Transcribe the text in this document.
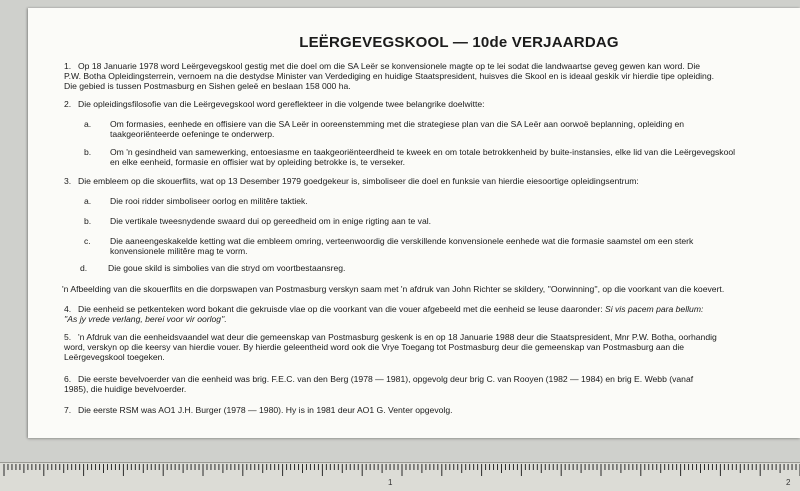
LEËRGEVEGSKOOL — 10de VERJAARDAG
1. Op 18 Januarie 1978 word Leërgevegskool gestig met die doel om die SA Leër se konvensionele magte op te lei sodat die landwaartse geveg gewen kan word. Die
P.W. Botha Opleidingsterrein, vernoem na die destydse Minister van Verdediging en huidige Staatspresident, huisves die Skool en is ideaal geskik vir hierdie tipe opleiding.
Die gebied is tussen Postmasburg en Sishen geleë en beslaan 158 000 ha.
2. Die opleidingsfilosofie van die Leërgevegskool word gereflekteer in die volgende twee belangrike doelwitte:
a. Om formasies, eenhede en offisiere van die SA Leër in ooreenstemming met die strategiese plan van die SA Leër aan oorwoë beplanning, opleiding en
taakgeoriënteerde oefeninge te onderwerp.
b. Om 'n gesindheid van samewerking, entoesiasme en taakgeoriënteerdheid te kweek en om totale betrokkenheid by buite-instansies, elke lid van die Leërgevegskool
en elke eenheid, formasie en offisier wat by opleiding betrokke is, te verseker.
3. Die embleem op die skouerflits, wat op 13 Desember 1979 goedgekeur is, simboliseer die doel en funksie van hierdie eiesoortige opleidingsentrum:
a. Die rooi ridder simboliseer oorlog en militêre taktiek.
b. Die vertikale tweesnydende swaard dui op gereedheid om in enige rigting aan te val.
c. Die aaneengeskakelde ketting wat die embleem omring, verteenwoordig die verskillende konvensionele eenhede wat die formasie saamstel om een sterk
konvensionele militêre mag te vorm.
d. Die goue skild is simbolies van die stryd om voortbestaansreg.
'n Afbeelding van die skouerflits en die dorpswapen van Postmasburg verskyn saam met 'n afdruk van John Richter se skildery, ''Oorwinning'', op die voorkant van die koevert.
4. Die eenheid se petkenteken word bokant die gekruisde vlae op die voorkant van die vouer afgebeeld met die eenheid se leuse daaronder: Si vis pacem para bellum:
''As jy vrede verlang, berei voor vir oorlog''.
5. 'n Afdruk van die eenheidsvaandel wat deur die gemeenskap van Postmasburg geskenk is en op 18 Januarie 1988 deur die Staatspresident, Mnr P.W. Botha, oorhandig
word, verskyn op die keersy van hierdie vouer. By hierdie geleentheid word ook die Vrye Toegang tot Postmasburg deur die gemeenskap van Postmasburg aan die
Leërgevegskool toegeken.
6. Die eerste bevelvoerder van die eenheid was brig. F.E.C. van den Berg (1978 — 1981), opgevolg deur brig C. van Rooyen (1982 — 1984) en brig E. Webb (vanaf
1985), die huidige bevelvoerder.
7. Die eerste RSM was AO1 J.H. Burger (1978 — 1980). Hy is in 1981 deur AO1 G. Venter opgevolg.
1	2
